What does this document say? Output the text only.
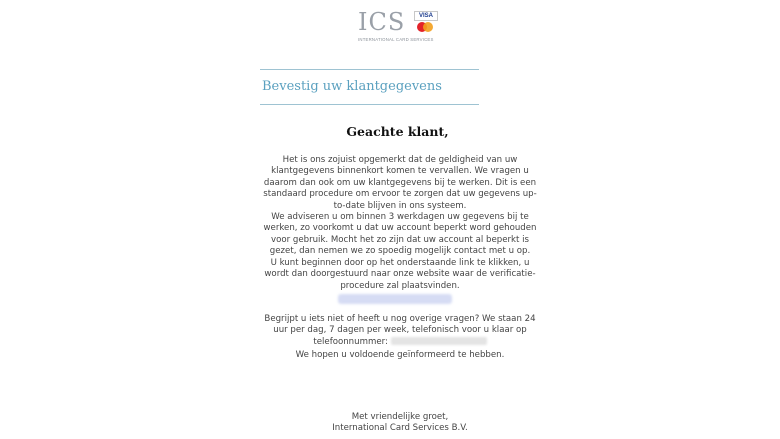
ICS	VISA
INTERNATIONAL CARD SERVICES
Bevestig uw klantgegevens
Geachte klant,

Het is ons zojuist opgemerkt dat de geldigheid van uw klantgegevens binnenkort komen te vervallen. We vragen u daarom dan ook om uw klantgegevens bij te werken. Dit is een standaard procedure om ervoor te zorgen dat uw gegevens up-to-date blijven in ons systeem.

We adviseren u om binnen 3 werkdagen uw gegevens bij te werken, zo voorkomt u dat uw account beperkt word gehouden voor gebruik. Mocht het zo zijn dat uw account al beperkt is gezet, dan nemen we zo spoedig mogelijk contact met u op.

U kunt beginnen door op het onderstaande link te klikken, u wordt dan doorgestuurd naar onze website waar de verificatie-procedure zal plaatsvinden.

Begrijpt u iets niet of heeft u nog overige vragen? We staan 24 uur per dag, 7 dagen per week, telefonisch voor u klaar op telefoonnummer:

We hopen u voldoende geïnformeerd te hebben.

Met vriendelijke groet,
International Card Services B.V.
